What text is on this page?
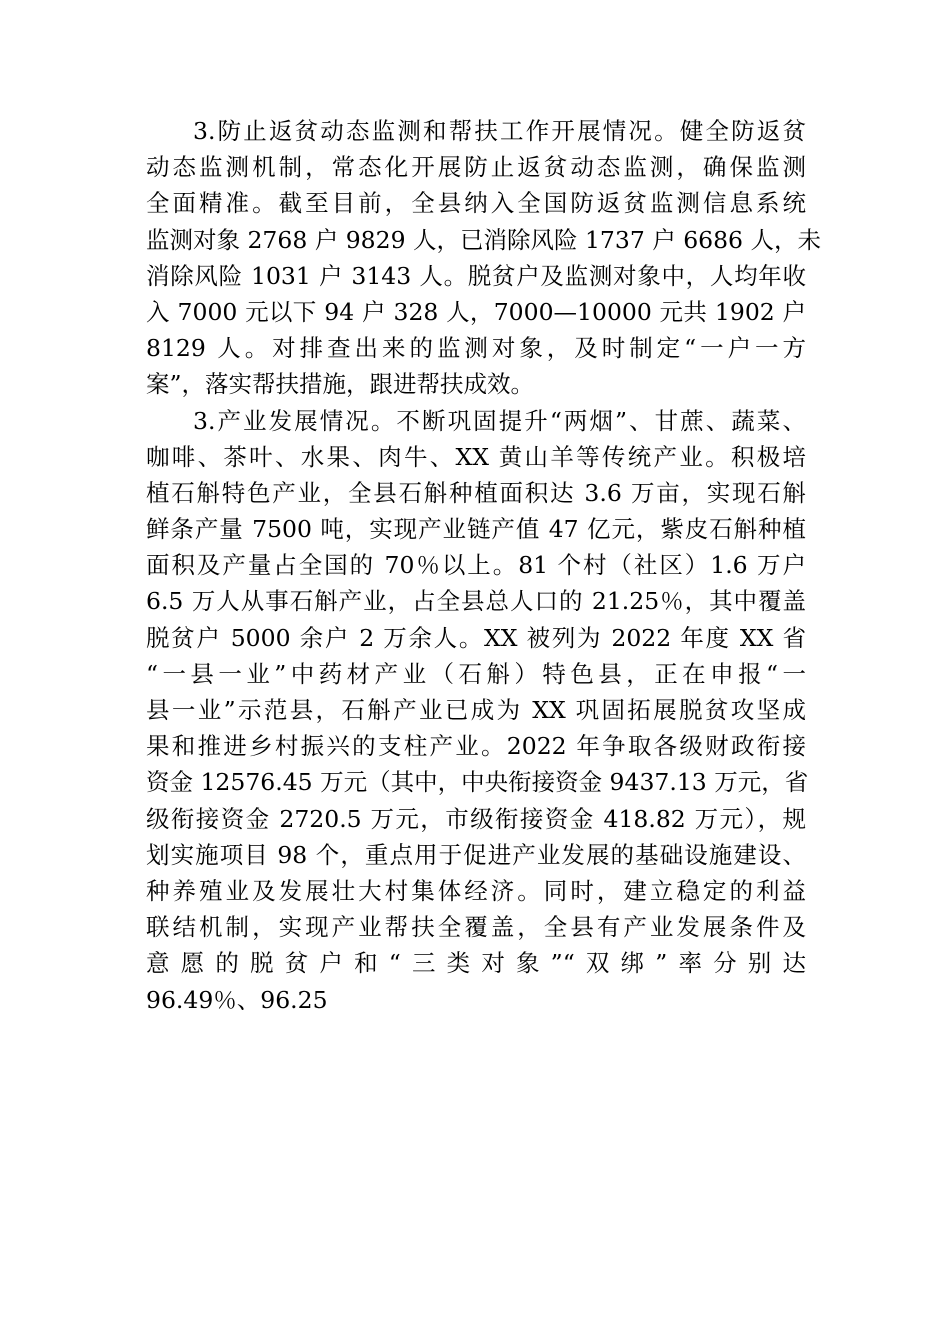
3.防止返贫动态监测和帮扶工作开展情况。健全防返贫
动态监测机制，常态化开展防止返贫动态监测，确保监测
全面精准。截至目前，全县纳入全国防返贫监测信息系统
监测对象 2768 户 9829 人，已消除风险 1737 户 6686 人，未
消除风险 1031 户 3143 人。脱贫户及监测对象中，人均年收
入 7000 元以下 94 户 328 人，7000—10000 元共 1902 户
8129 人。对排查出来的监测对象，及时制定“一户一方
案”，落实帮扶措施，跟进帮扶成效。
3.产业发展情况。不断巩固提升“两烟”、甘蔗、蔬菜、
咖啡、茶叶、水果、肉牛、XX 黄山羊等传统产业。积极培
植石斛特色产业，全县石斛种植面积达 3.6 万亩，实现石斛
鲜条产量 7500 吨，实现产业链产值 47 亿元，紫皮石斛种植
面积及产量占全国的 70％以上。81 个村（社区）1.6 万户
6.5 万人从事石斛产业，占全县总人口的 21.25％，其中覆盖
脱贫户 5000 余户 2 万余人。XX 被列为 2022 年度 XX 省
“一县一业”中药材产业（石斛）特色县，正在申报“一
县一业”示范县，石斛产业已成为 XX 巩固拓展脱贫攻坚成
果和推进乡村振兴的支柱产业。2022 年争取各级财政衔接
资金 12576.45 万元（其中，中央衔接资金 9437.13 万元，省
级衔接资金 2720.5 万元，市级衔接资金 418.82 万元），规
划实施项目 98 个，重点用于促进产业发展的基础设施建设、
种养殖业及发展壮大村集体经济。同时，建立稳定的利益
联结机制，实现产业帮扶全覆盖，全县有产业发展条件及
意愿的脱贫户和“三类对象”“双绑”率分别达
96.49％、96.25
